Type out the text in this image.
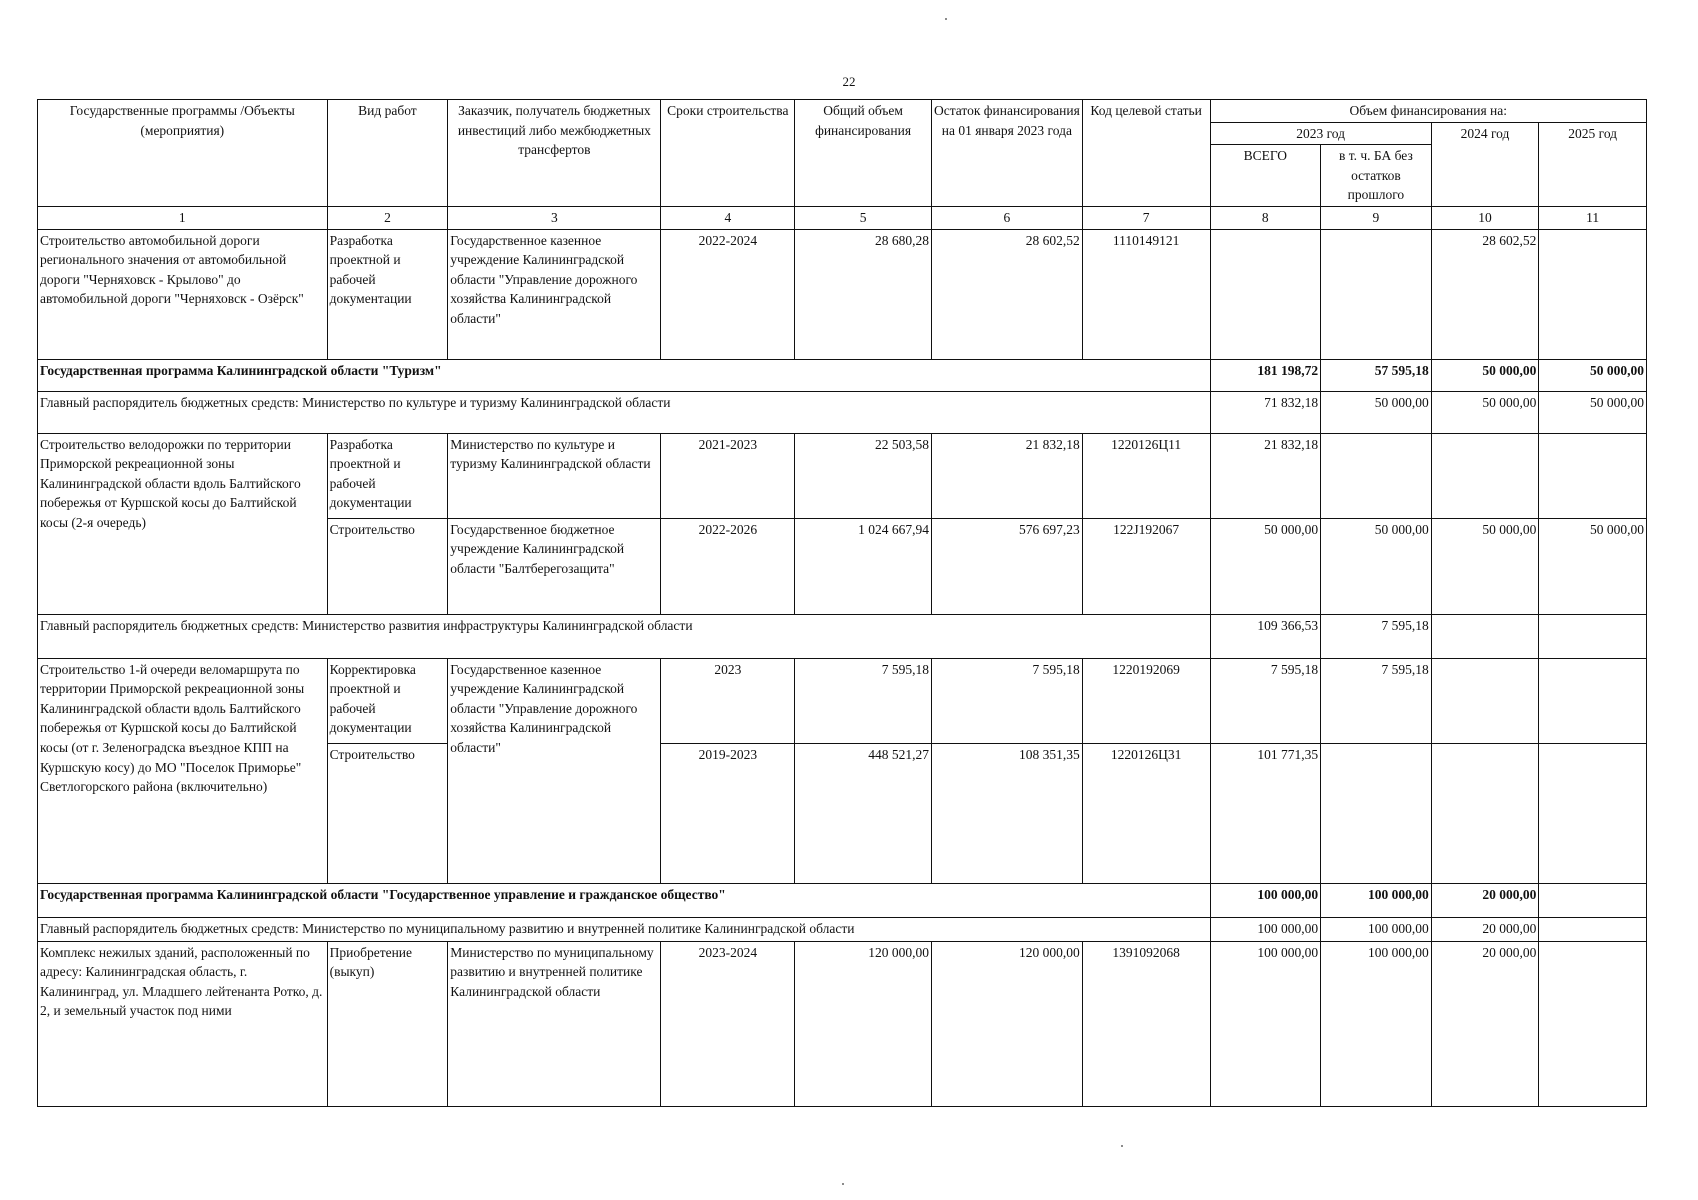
22
Государственные программы /Объекты (мероприятия)	Вид работ	Заказчик, получатель бюджетных инвестиций либо межбюджетных трансфертов	Сроки строительства	Общий объем финансирования	Остаток финансирования на 01 января 2023 года	Код целевой статьи	Объем финансирования на:			
							2023 год		2024 год	2025 год
							ВСЕГО	в т. ч. БА без остатков прошлого		
1	2	3	4	5	6	7	8	9	10	11
Строительство автомобильной дороги регионального значения от автомобильной дороги "Черняховск - Крылово" до автомобильной дороги "Черняховск - Озёрск"	Разработка проектной и рабочей документации	Государственное казенное учреждение Калининградской области "Управление дорожного хозяйства Калининградской области"	2022-2024	28 680,28	28 602,52	1110149121			28 602,52	
Государственная программа Калининградской области "Туризм"							181 198,72	57 595,18	50 000,00	50 000,00
Главный распорядитель бюджетных средств: Министерство по культуре и туризму Калининградской области							71 832,18	50 000,00	50 000,00	50 000,00
Строительство велодорожки по территории Приморской рекреационной зоны Калининградской области вдоль Балтийского побережья от Куршской косы до Балтийской косы (2-я очередь)	Разработка проектной и рабочей документации	Министерство по культуре и туризму Калининградской области	2021-2023	22 503,58	21 832,18	1220126Ц11	21 832,18			
	Строительство	Государственное бюджетное учреждение Калининградской области "Балтберегозащита"	2022-2026	1 024 667,94	576 697,23	122J192067	50 000,00	50 000,00	50 000,00	50 000,00
Главный распорядитель бюджетных средств: Министерство развития инфраструктуры Калининградской области							109 366,53	7 595,18		
Строительство 1-й очереди веломаршрута по территории Приморской рекреационной зоны Калининградской области вдоль Балтийского побережья от Куршской косы до Балтийской косы (от г. Зеленоградска въездное КПП на Куршскую косу) до МО "Поселок Приморье" Светлогорского района (включительно)	Корректировка проектной и рабочей документации	Государственное казенное учреждение Калининградской области "Управление дорожного хозяйства Калининградской области"	2023	7 595,18	7 595,18	1220192069	7 595,18	7 595,18		
	Строительство		2019-2023	448 521,27	108 351,35	1220126Ц31	101 771,35			
Государственная программа Калининградской области "Государственное управление и гражданское общество"							100 000,00	100 000,00	20 000,00	
Главный распорядитель бюджетных средств: Министерство по муниципальному развитию и внутренней политике Калининградской области							100 000,00	100 000,00	20 000,00	
Комплекс нежилых зданий, расположенный по адресу: Калининградская область, г. Калининград, ул. Младшего лейтенанта Ротко, д. 2, и земельный участок под ними	Приобретение (выкуп)	Министерство по муниципальному развитию и внутренней политике Калининградской области	2023-2024	120 000,00	120 000,00	1391092068	100 000,00	100 000,00	20 000,00	
